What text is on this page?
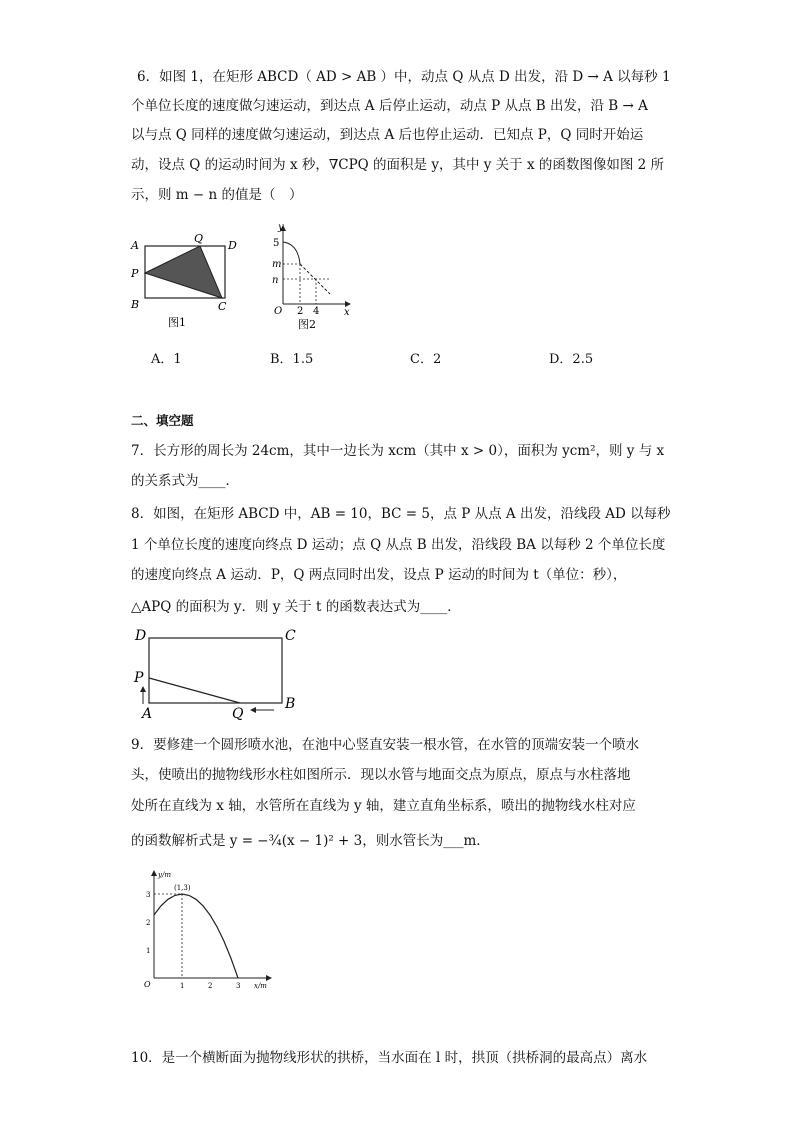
6．如图 1，在矩形 ABCD（ AD > AB ）中，动点 Q 从点 D 出发，沿 D → A 以每秒 1
个单位长度的速度做匀速运动，到达点 A 后停止运动，动点 P 从点 B 出发，沿 B → A
以与点 Q 同样的速度做匀速运动，到达点 A 后也停止运动．已知点 P，Q 同时开始运
动，设点 Q 的运动时间为 x 秒，∇CPQ 的面积是 y，其中 y 关于 x 的函数图像如图 2 所
示，则 m − n 的值是（　）
A
Q
D
P
B	C
图1
y
5
m
n
O 2 4 x
图2
A．1	B．1.5	C．2	D．2.5
二、填空题
7．长方形的周长为 24cm，其中一边长为 xcm（其中 x > 0），面积为 ycm²，则 y 与 x
的关系式为____．
8．如图，在矩形 ABCD 中，AB = 10，BC = 5，点 P 从点 A 出发，沿线段 AD 以每秒
1 个单位长度的速度向终点 D 运动；点 Q 从点 B 出发，沿线段 BA 以每秒 2 个单位长度
的速度向终点 A 运动．P，Q 两点同时出发，设点 P 运动的时间为 t（单位：秒），
△APQ 的面积为 y．则 y 关于 t 的函数表达式为____．
D	C
P
A	Q
B
9．要修建一个圆形喷水池，在池中心竖直安装一根水管，在水管的顶端安装一个喷水
头，使喷出的抛物线形水柱如图所示．现以水管与地面交点为原点，原点与水柱落地
处所在直线为 x 轴，水管所在直线为 y 轴，建立直角坐标系，喷出的抛物线水柱对应
的函数解析式是 y = −¾(x − 1)² + 3，则水管长为___m．
y/m
x/m
O	1	2	3
1
2
3
(1,3)
10．是一个横断面为抛物线形状的拱桥，当水面在 l 时，拱顶（拱桥洞的最高点）离水
